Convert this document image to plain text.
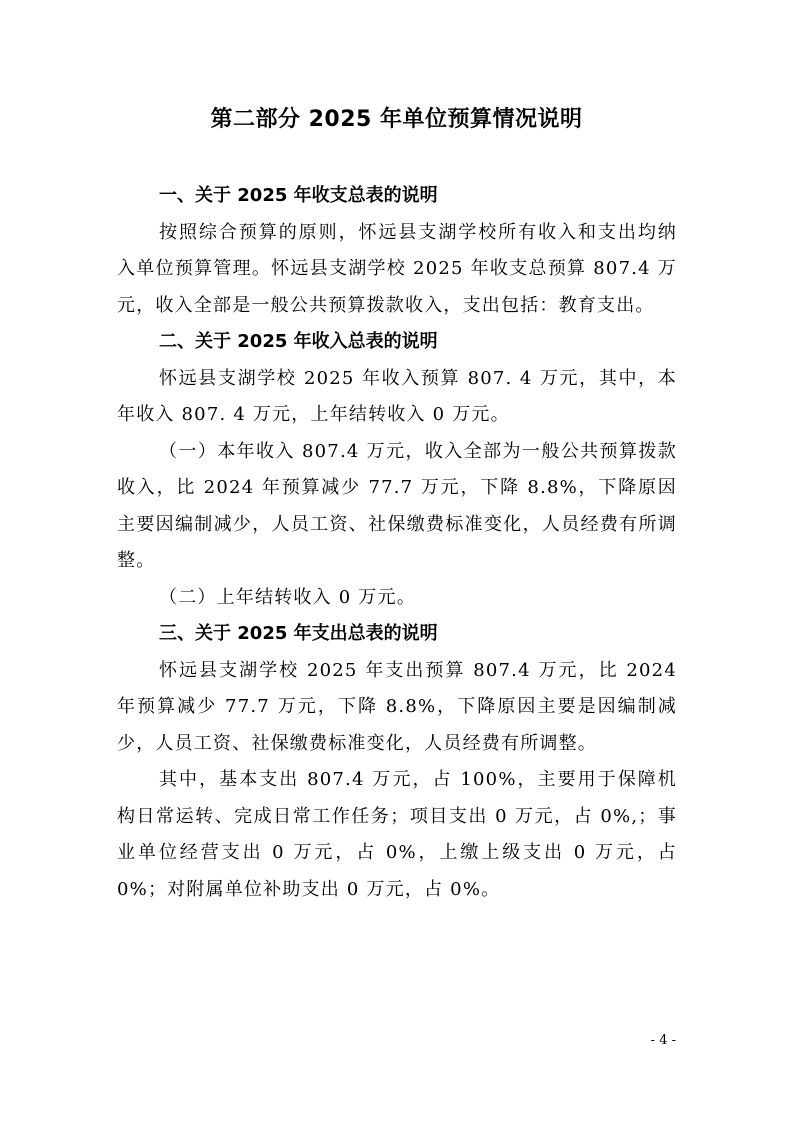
第二部分 2025 年单位预算情况说明

一、关于 2025 年收支总表的说明

按照综合预算的原则，怀远县支湖学校所有收入和支出均纳入单位预算管理。怀远县支湖学校 2025 年收支总预算 807.4 万元，收入全部是一般公共预算拨款收入，支出包括：教育支出。

二、关于 2025 年收入总表的说明

怀远县支湖学校 2025 年收入预算 807. 4 万元，其中，本年收入 807. 4 万元，上年结转收入 0 万元。

（一）本年收入 807.4 万元，收入全部为一般公共预算拨款收入，比 2024 年预算减少 77.7 万元，下降 8.8%，下降原因主要因编制减少，人员工资、社保缴费标准变化，人员经费有所调整。

（二）上年结转收入 0 万元。

三、关于 2025 年支出总表的说明

怀远县支湖学校 2025 年支出预算 807.4 万元，比 2024 年预算减少 77.7 万元，下降 8.8%，下降原因主要是因编制减少，人员工资、社保缴费标准变化，人员经费有所调整。

其中，基本支出 807.4 万元，占 100%，主要用于保障机构日常运转、完成日常工作任务；项目支出 0 万元，占 0%,；事业单位经营支出 0 万元，占 0%，上缴上级支出 0 万元，占 0%；对附属单位补助支出 0 万元，占 0%。

- 4 -
